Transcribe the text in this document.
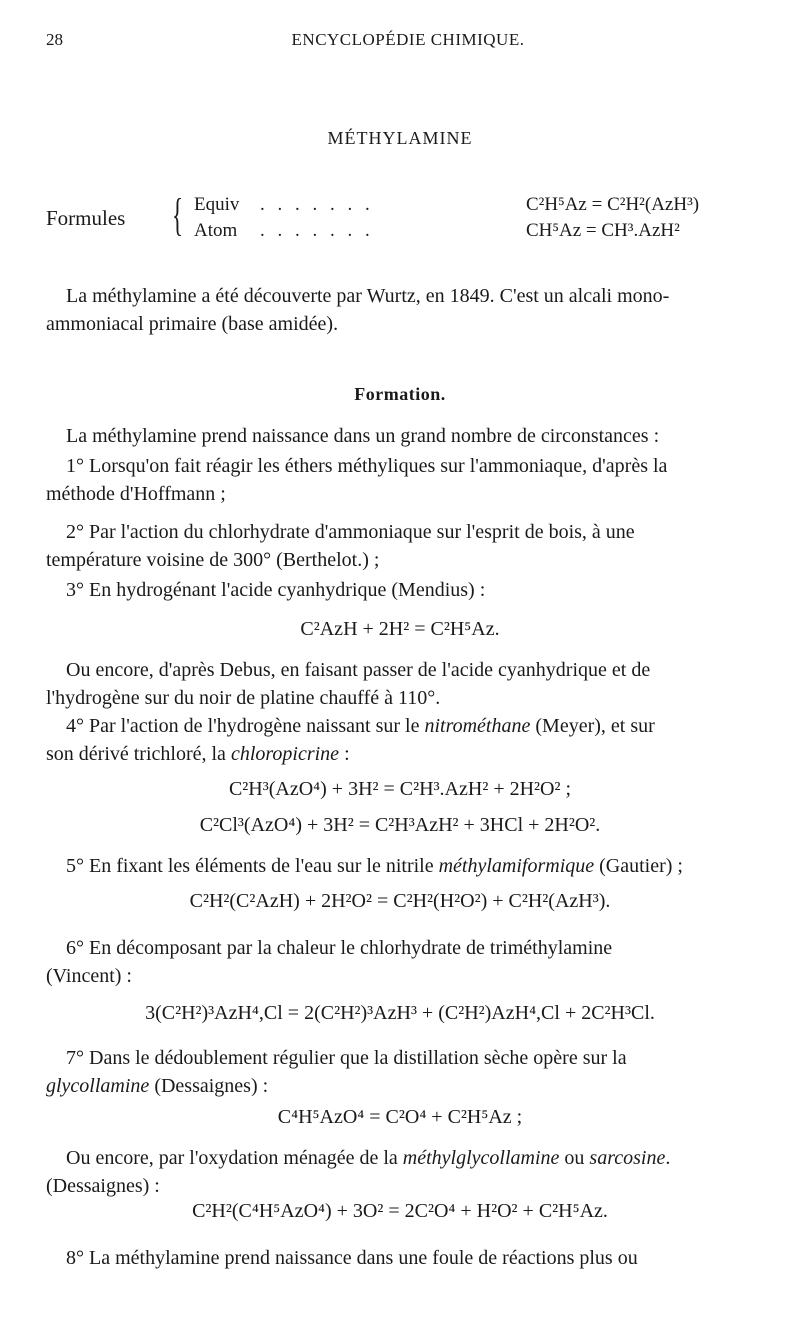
28	ENCYCLOPÉDIE CHIMIQUE.
MÉTHYLAMINE
Formules { Equiv . . . . . . .	C²H⁵Az = C²H²(AzH³)
Atom . . . . . . .	CH⁵Az = CH³.AzH²

La méthylamine a été découverte par Wurtz, en 1849. C'est un alcali mono-

ammoniacal primaire (base amidée).

Formation.

La méthylamine prend naissance dans un grand nombre de circonstances :

1° Lorsqu'on fait réagir les éthers méthyliques sur l'ammoniaque, d'après la

méthode d'Hoffmann ;

2° Par l'action du chlorhydrate d'ammoniaque sur l'esprit de bois, à une

température voisine de 300° (Berthelot.) ;

3° En hydrogénant l'acide cyanhydrique (Mendius) :

C²AzH + 2H² = C²H⁵Az.

Ou encore, d'après Debus, en faisant passer de l'acide cyanhydrique et de

l'hydrogène sur du noir de platine chauffé à 110°.

4° Par l'action de l'hydrogène naissant sur le nitrométhane (Meyer), et sur

son dérivé trichloré, la chloropicrine :

C²H³(AzO⁴) + 3H² = C²H³.AzH² + 2H²O² ;
C²Cl³(AzO⁴) + 3H² = C²H³AzH² + 3HCl + 2H²O².

5° En fixant les éléments de l'eau sur le nitrile méthylamiformique (Gautier) ;

C²H²(C²AzH) + 2H²O² = C²H²(H²O²) + C²H²(AzH³).

6° En décomposant par la chaleur le chlorhydrate de triméthylamine

(Vincent) :

3(C²H²)³AzH⁴,Cl = 2(C²H²)³AzH³ + (C²H²)AzH⁴,Cl + 2C²H³Cl.

7° Dans le dédoublement régulier que la distillation sèche opère sur la

glycollamine (Dessaignes) :

C⁴H⁵AzO⁴ = C²O⁴ + C²H⁵Az ;

Ou encore, par l'oxydation ménagée de la méthylglycollamine ou sarcosine.

(Dessaignes) :

C²H²(C⁴H⁵AzO⁴) + 3O² = 2C²O⁴ + H²O² + C²H⁵Az.

8° La méthylamine prend naissance dans une foule de réactions plus ou
